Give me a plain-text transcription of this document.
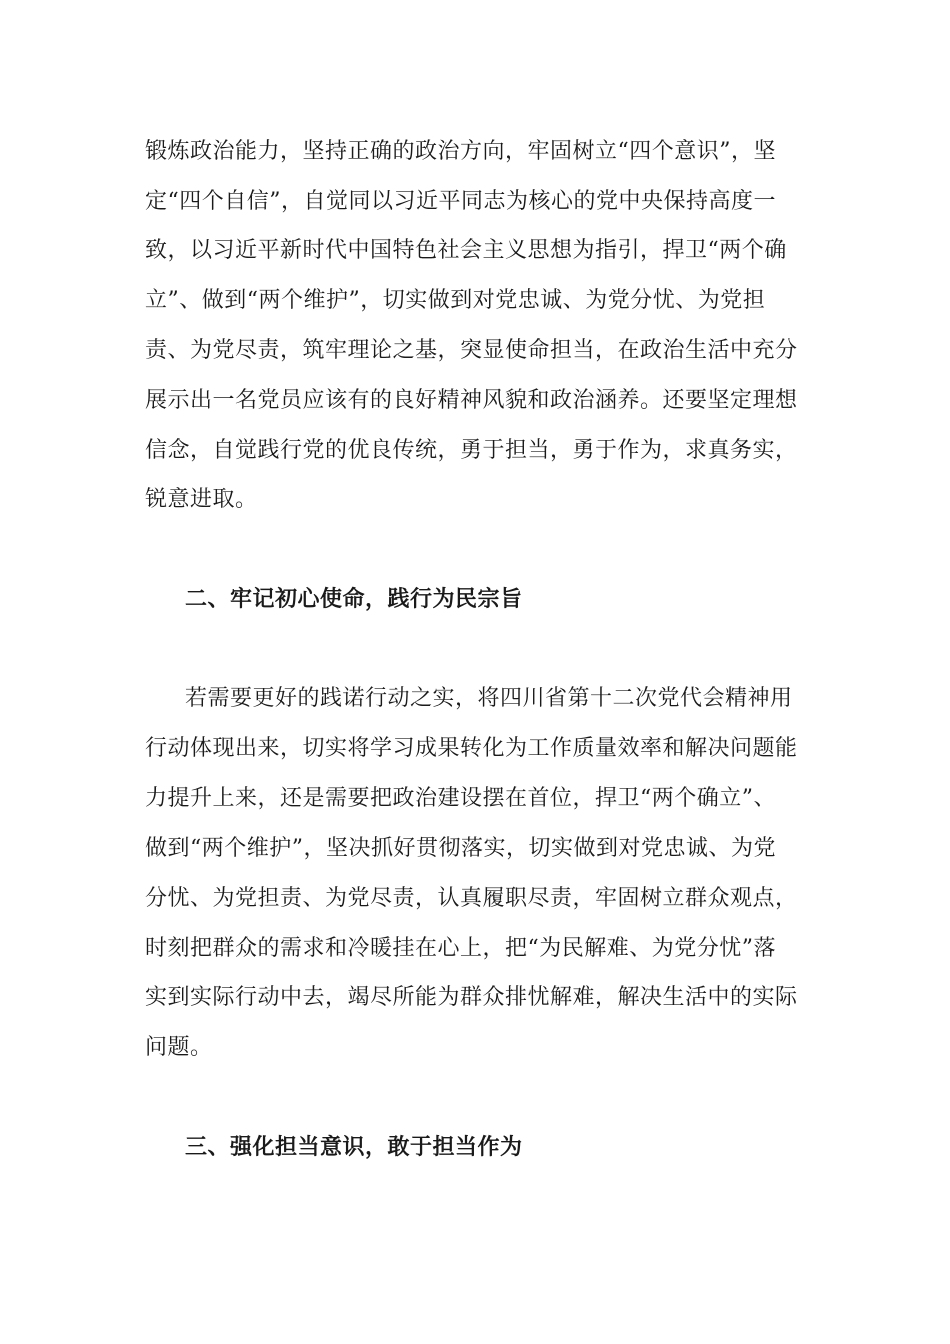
锻炼政治能力，坚持正确的政治方向，牢固树立“四个意识”，坚
定“四个自信”，自觉同以习近平同志为核心的党中央保持高度一
致，以习近平新时代中国特色社会主义思想为指引，捍卫“两个确
立”、做到“两个维护”，切实做到对党忠诚、为党分忧、为党担
责、为党尽责，筑牢理论之基，突显使命担当，在政治生活中充分
展示出一名党员应该有的良好精神风貌和政治涵养。还要坚定理想
信念，自觉践行党的优良传统，勇于担当，勇于作为，求真务实，
锐意进取。
二、牢记初心使命，践行为民宗旨
若需要更好的践诺行动之实，将四川省第十二次党代会精神用
行动体现出来，切实将学习成果转化为工作质量效率和解决问题能
力提升上来，还是需要把政治建设摆在首位，捍卫“两个确立”、
做到“两个维护”，坚决抓好贯彻落实，切实做到对党忠诚、为党
分忧、为党担责、为党尽责，认真履职尽责，牢固树立群众观点，
时刻把群众的需求和冷暖挂在心上，把“为民解难、为党分忧”落
实到实际行动中去，竭尽所能为群众排忧解难，解决生活中的实际
问题。
三、强化担当意识，敢于担当作为
